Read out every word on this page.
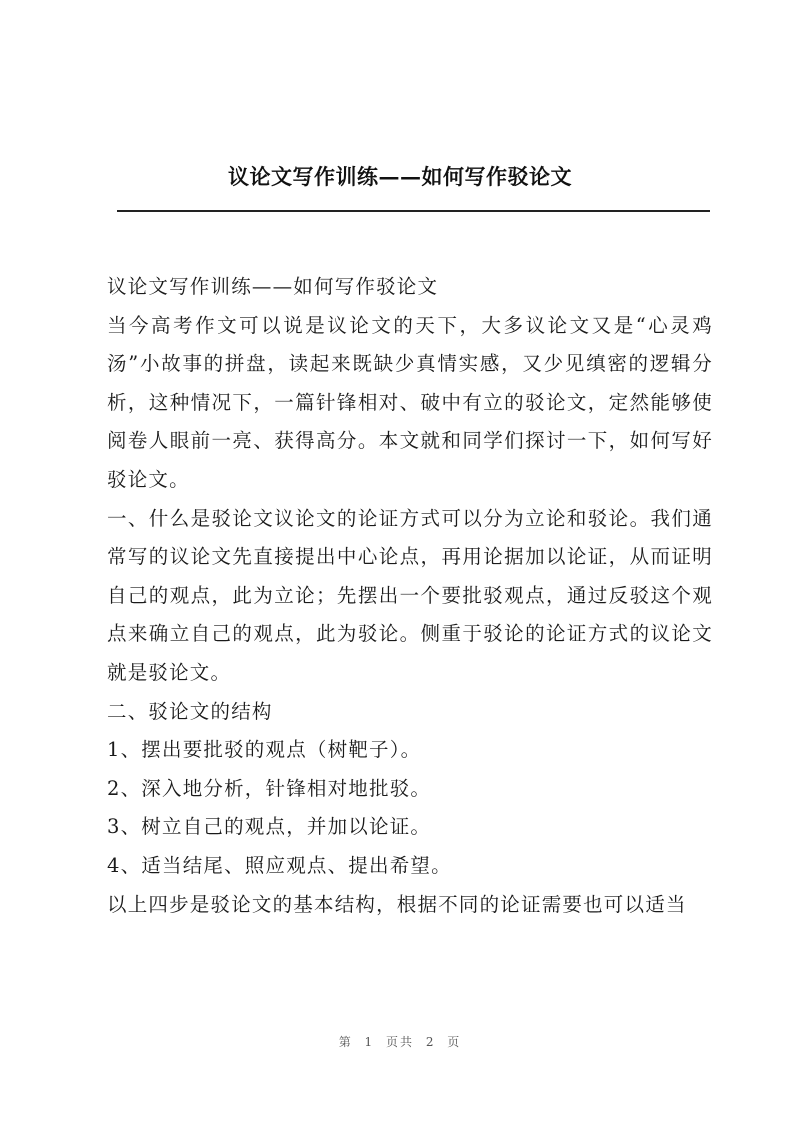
议论文写作训练——如何写作驳论文

议论文写作训练——如何写作驳论文

当今高考作文可以说是议论文的天下，大多议论文又是“心灵鸡汤”小故事的拼盘，读起来既缺少真情实感，又少见缜密的逻辑分析，这种情况下，一篇针锋相对、破中有立的驳论文，定然能够使阅卷人眼前一亮、获得高分。本文就和同学们探讨一下，如何写好驳论文。

一、什么是驳论文议论文的论证方式可以分为立论和驳论。我们通常写的议论文先直接提出中心论点，再用论据加以论证，从而证明自己的观点，此为立论；先摆出一个要批驳观点，通过反驳这个观点来确立自己的观点，此为驳论。侧重于驳论的论证方式的议论文就是驳论文。

二、驳论文的结构

1、摆出要批驳的观点（树靶子）。

2、深入地分析，针锋相对地批驳。

3、树立自己的观点，并加以论证。

4、适当结尾、照应观点、提出希望。

以上四步是驳论文的基本结构，根据不同的论证需要也可以适当

第 1 页共 2 页
